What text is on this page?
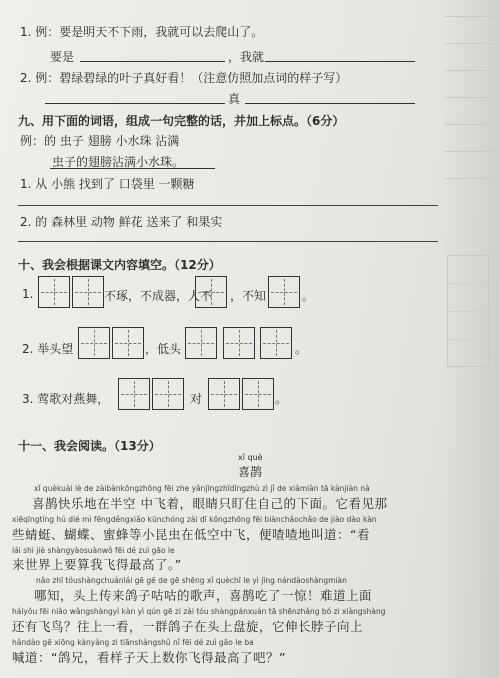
1. 例：要是明天不下雨，我就可以去爬山了。
要是	，我就
2. 例：碧绿碧绿的叶子真好看！（注意仿照加点词的样子写）
真
九、用下面的词语，组成一句完整的话，并加上标点。（6分）
例：的 虫子 翅膀 小水珠 沾满
虫子的翅膀沾满小水珠。
1. 从 小熊 找到了 口袋里 一颗糖
2. 的 森林里 动物 鲜花 送来了 和果实
十、我会根据课文内容填空。（12分）
1.	不琢，不成器，人不 ，不知	。
2. 举头望	，低头	。
3. 莺歌对燕舞，	对	。
十一、我会阅读。（13分）
xǐ què
喜鹊
xǐ quèkuài lè de zàibànkōngzhōng fēi zhe yǎnjīngzhīdīngzhù zì jǐ de xiàmiàn tā kànjiàn nà
喜鹊快乐地在半空 中飞着，眼睛只盯住自己的下面。它看见那
xiēqīngtíng hú dié mì fēngděngxiǎo kūnchóng zài dī kōngzhōng fēi biànchǎochǎo de jiào dào kàn
些蜻蜓、蝴蝶、蜜蜂等小昆虫在低空中飞，便喳喳地叫道：“看
lái shì jiè shàngyàosuànwǒ fēi dé zuì gāo le
来世界上要算我飞得最高了。”
nǎo zhī tóushàngchuánlái gē gē de gē shēng xǐ quèchī le yì jīng nándàoshàngmiàn
哪知，头上传来鸽子咕咕的歌声，喜鹊吃了一惊！难道上面
háiyǒu fēi niǎo wǎngshàngyì kàn yì qún gē zi zài tóu shàngpánxuán tā shēnzhǎng bó zi xiàngshàng
还有飞鸟？往上一看，一群鸽子在头上盘旋，它伸长脖子向上
hǎndào gē xiōng kànyàng zi tiānshàngshǔ nǐ fēi dé zuì gāo le ba
喊道：“鸽兄，看样子天上数你飞得最高了吧？”
